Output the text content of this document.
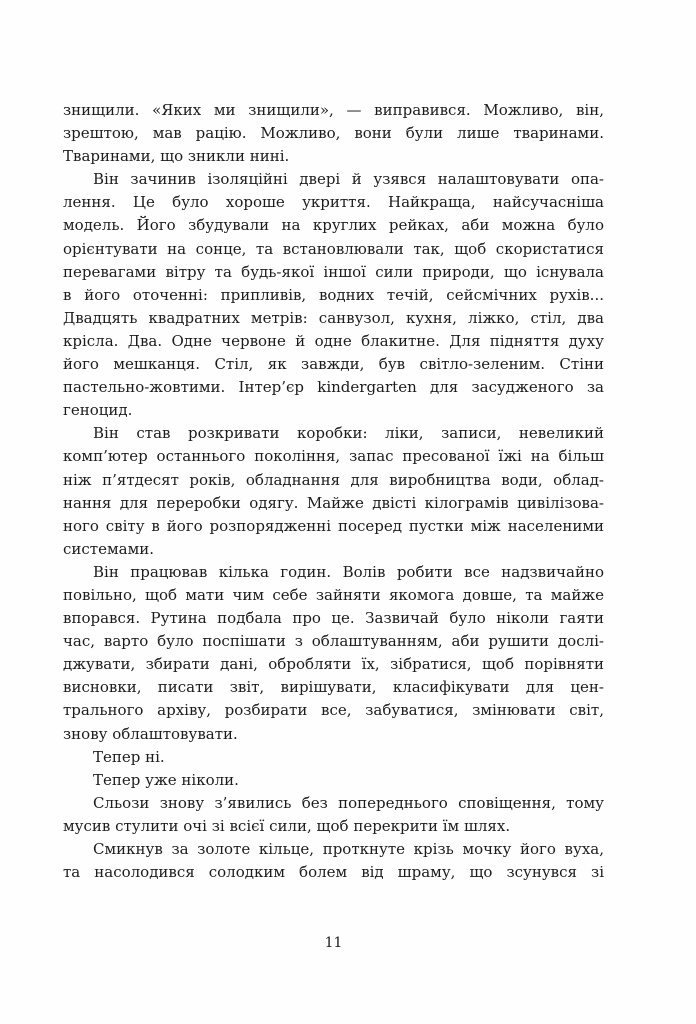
знищили. «Яких ми знищили», — виправився. Можливо, він,
зрештою, мав рацію. Можливо, вони були лише тваринами.
Тваринами, що зникли нині.
Він зачинив ізоляційні двері й узявся налаштовувати опа-
лення. Це було хороше укриття. Найкраща, найсучасніша
модель. Його збудували на круглих рейках, аби можна було
орієнтувати на сонце, та встановлювали так, щоб скористатися
перевагами вітру та будь-якої іншої сили природи, що існувала
в його оточенні: припливів, водних течій, сейсмічних рухів...
Двадцять квадратних метрів: санвузол, кухня, ліжко, стіл, два
крісла. Два. Одне червоне й одне блакитне. Для підняття духу
його мешканця. Стіл, як завжди, був світло-зеленим. Стіни
пастельно-жовтими. Інтер’єр kindergarten для засудженого за
геноцид.
Він став розкривати коробки: ліки, записи, невеликий
комп’ютер останнього покоління, запас пресованої їжі на більш
ніж п’ятдесят років, обладнання для виробництва води, облад-
нання для переробки одягу. Майже двісті кілограмів цивілізова-
ного світу в його розпорядженні посеред пустки між населеними
системами.
Він працював кілька годин. Волів робити все надзвичайно
повільно, щоб мати чим себе зайняти якомога довше, та майже
впорався. Рутина подбала про це. Зазвичай було ніколи гаяти
час, варто було поспішати з облаштуванням, аби рушити дослі-
джувати, збирати дані, обробляти їх, зібратися, щоб порівняти
висновки, писати звіт, вирішувати, класифікувати для цен-
трального архіву, розбирати все, забуватися, змінювати світ,
знову облаштовувати.
Тепер ні.
Тепер уже ніколи.
Сльози знову з’явились без попереднього сповіщення, тому
мусив стулити очі зі всієї сили, щоб перекрити їм шлях.
Смикнув за золоте кільце, проткнуте крізь мочку його вуха,
та насолодився солодким болем від шраму, що зсунувся зі
11
